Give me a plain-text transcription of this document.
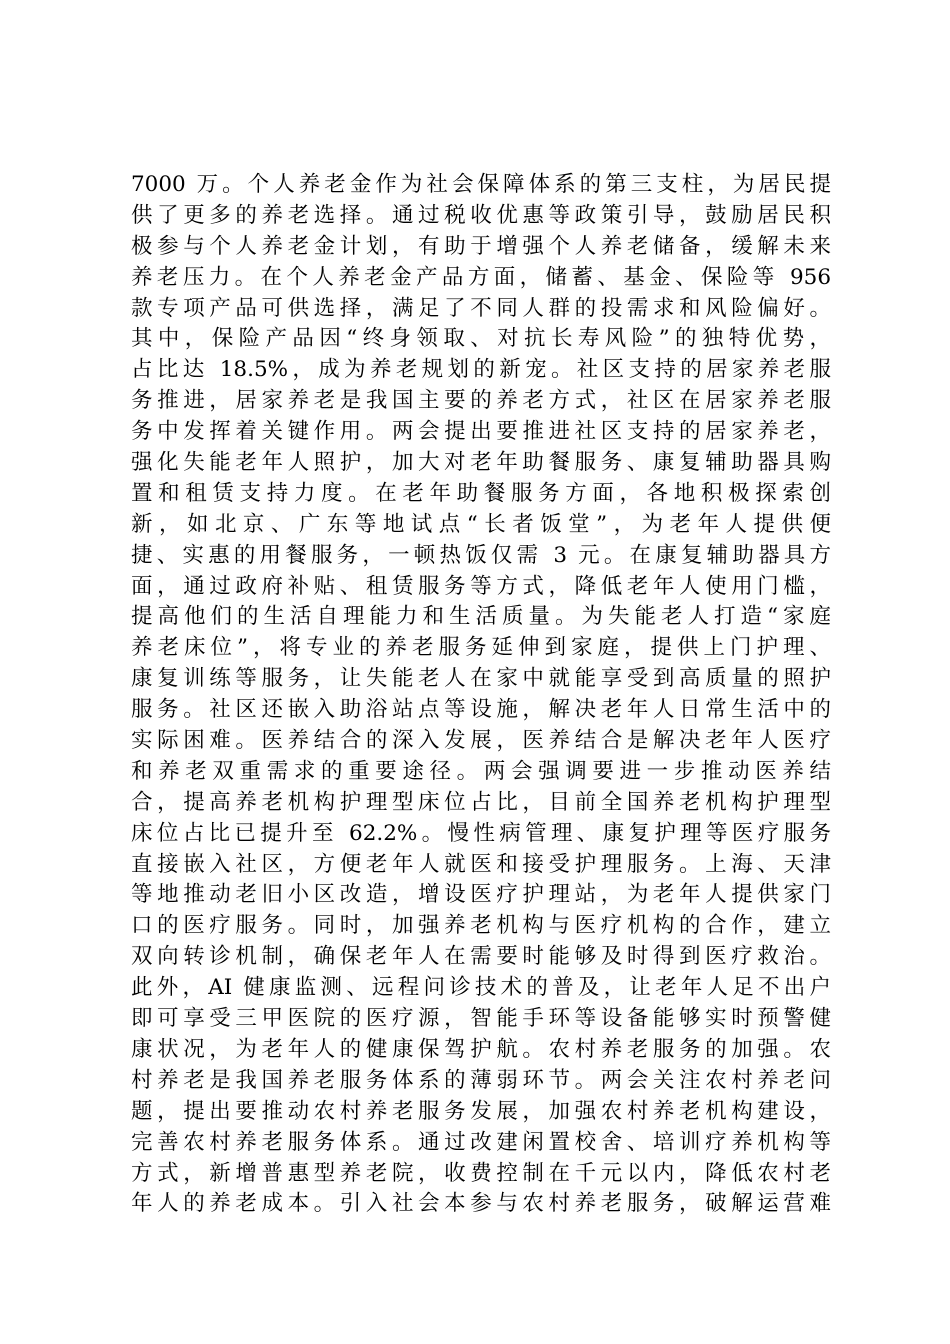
7000 万。个人养老金作为社会保障体系的第三支柱，为居民提
供了更多的养老选择。通过税收优惠等政策引导，鼓励居民积
极参与个人养老金计划，有助于增强个人养老储备，缓解未来
养老压力。在个人养老金产品方面，储蓄、基金、保险等 956
款专项产品可供选择，满足了不同人群的投需求和风险偏好。
其中，保险产品因“终身领取、对抗长寿风险”的独特优势，
占比达 18.5%，成为养老规划的新宠。社区支持的居家养老服
务推进，居家养老是我国主要的养老方式，社区在居家养老服
务中发挥着关键作用。两会提出要推进社区支持的居家养老，
强化失能老年人照护，加大对老年助餐服务、康复辅助器具购
置和租赁支持力度。在老年助餐服务方面，各地积极探索创
新，如北京、广东等地试点“长者饭堂”，为老年人提供便
捷、实惠的用餐服务，一顿热饭仅需 3 元。在康复辅助器具方
面，通过政府补贴、租赁服务等方式，降低老年人使用门槛，
提高他们的生活自理能力和生活质量。为失能老人打造“家庭
养老床位”，将专业的养老服务延伸到家庭，提供上门护理、
康复训练等服务，让失能老人在家中就能享受到高质量的照护
服务。社区还嵌入助浴站点等设施，解决老年人日常生活中的
实际困难。医养结合的深入发展，医养结合是解决老年人医疗
和养老双重需求的重要途径。两会强调要进一步推动医养结
合，提高养老机构护理型床位占比，目前全国养老机构护理型
床位占比已提升至 62.2%。慢性病管理、康复护理等医疗服务
直接嵌入社区，方便老年人就医和接受护理服务。上海、天津
等地推动老旧小区改造，增设医疗护理站，为老年人提供家门
口的医疗服务。同时，加强养老机构与医疗机构的合作，建立
双向转诊机制，确保老年人在需要时能够及时得到医疗救治。
此外，AI 健康监测、远程问诊技术的普及，让老年人足不出户
即可享受三甲医院的医疗源，智能手环等设备能够实时预警健
康状况，为老年人的健康保驾护航。农村养老服务的加强。农
村养老是我国养老服务体系的薄弱环节。两会关注农村养老问
题，提出要推动农村养老服务发展，加强农村养老机构建设，
完善农村养老服务体系。通过改建闲置校舍、培训疗养机构等
方式，新增普惠型养老院，收费控制在千元以内，降低农村老
年人的养老成本。引入社会本参与农村养老服务，破解运营难
